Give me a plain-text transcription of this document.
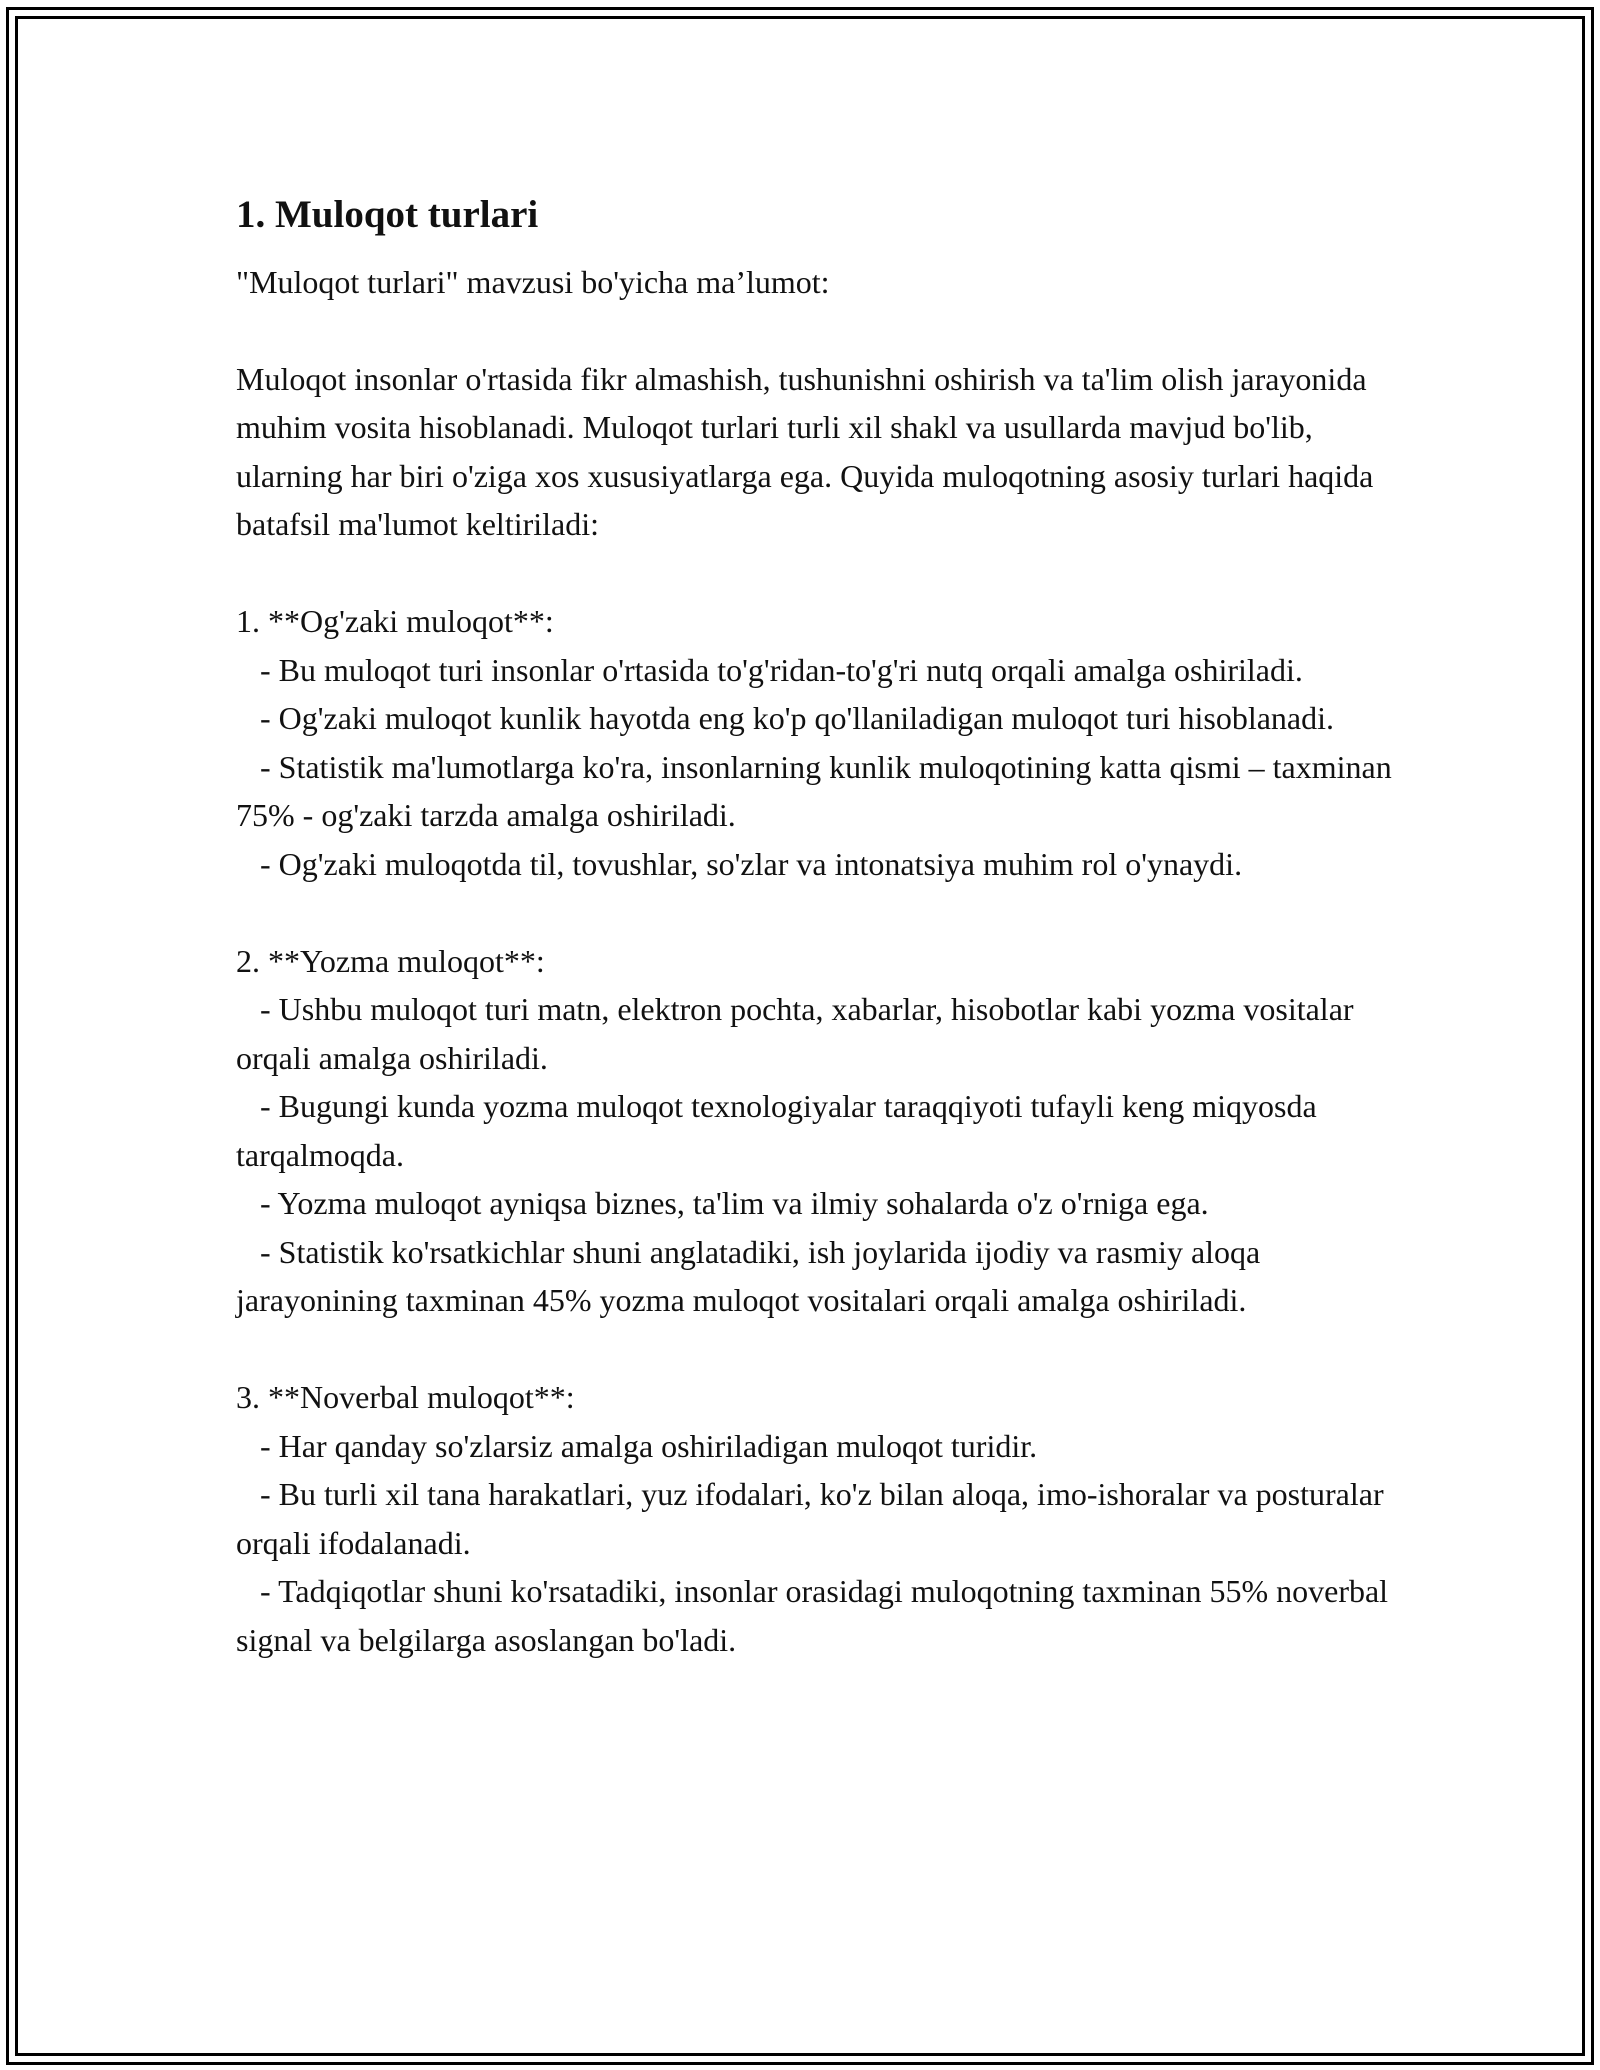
1. Muloqot turlari

"Muloqot turlari" mavzusi bo'yicha ma’lumot:

Muloqot insonlar o'rtasida fikr almashish, tushunishni oshirish va ta'lim olish jarayonida muhim vosita hisoblanadi. Muloqot turlari turli xil shakl va usullarda mavjud bo'lib, ularning har biri o'ziga xos xususiyatlarga ega. Quyida muloqotning asosiy turlari haqida batafsil ma'lumot keltiriladi:

1. **Og'zaki muloqot**:

- Bu muloqot turi insonlar o'rtasida to'g'ridan-to'g'ri nutq orqali amalga oshiriladi.

- Og'zaki muloqot kunlik hayotda eng ko'p qo'llaniladigan muloqot turi hisoblanadi.

- Statistik ma'lumotlarga ko'ra, insonlarning kunlik muloqotining katta qismi – taxminan 75% - og'zaki tarzda amalga oshiriladi.

- Og'zaki muloqotda til, tovushlar, so'zlar va intonatsiya muhim rol o'ynaydi.

2. **Yozma muloqot**:

- Ushbu muloqot turi matn, elektron pochta, xabarlar, hisobotlar kabi yozma vositalar orqali amalga oshiriladi.

- Bugungi kunda yozma muloqot texnologiyalar taraqqiyoti tufayli keng miqyosda tarqalmoqda.

- Yozma muloqot ayniqsa biznes, ta'lim va ilmiy sohalarda o'z o'rniga ega.

- Statistik ko'rsatkichlar shuni anglatadiki, ish joylarida ijodiy va rasmiy aloqa jarayonining taxminan 45% yozma muloqot vositalari orqali amalga oshiriladi.

3. **Noverbal muloqot**:

- Har qanday so'zlarsiz amalga oshiriladigan muloqot turidir.

- Bu turli xil tana harakatlari, yuz ifodalari, ko'z bilan aloqa, imo-ishoralar va posturalar orqali ifodalanadi.

- Tadqiqotlar shuni ko'rsatadiki, insonlar orasidagi muloqotning taxminan 55% noverbal signal va belgilarga asoslangan bo'ladi.
